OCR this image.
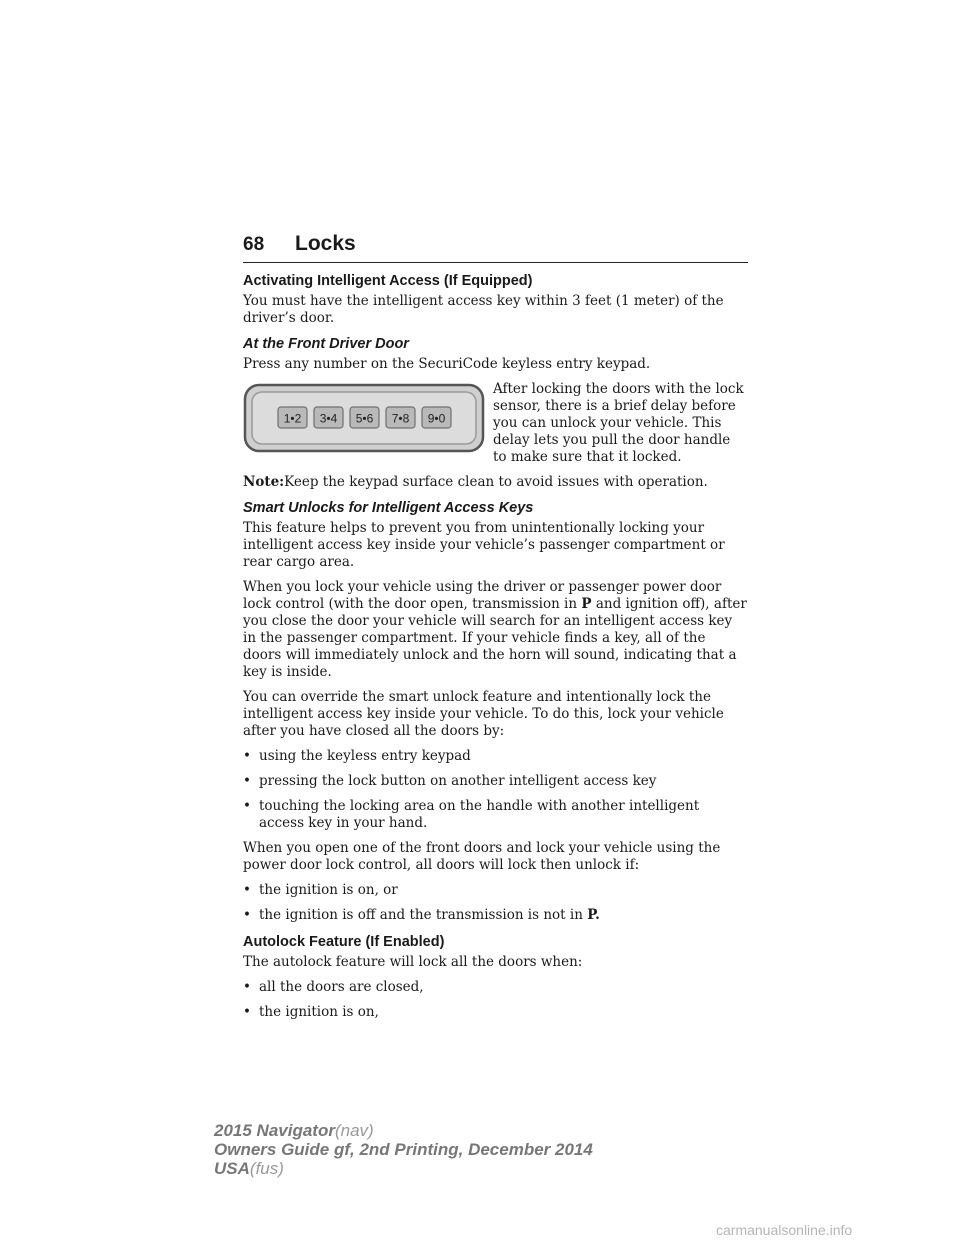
68	Locks
Activating Intelligent Access (If Equipped)

You must have the intelligent access key within 3 feet (1 meter) of the driver’s door.

At the Front Driver Door

Press any number on the SecuriCode keyless entry keypad.

1•2 3•4 5•6 7•8 9•0

After locking the doors with the lock sensor, there is a brief delay before you can unlock your vehicle. This delay lets you pull the door handle to make sure that it locked.

Note:Keep the keypad surface clean to avoid issues with operation.

Smart Unlocks for Intelligent Access Keys

This feature helps to prevent you from unintentionally locking your intelligent access key inside your vehicle’s passenger compartment or rear cargo area.

When you lock your vehicle using the driver or passenger power door lock control (with the door open, transmission in P and ignition off), after you close the door your vehicle will search for an intelligent access key in the passenger compartment. If your vehicle finds a key, all of the doors will immediately unlock and the horn will sound, indicating that a key is inside.

You can override the smart unlock feature and intentionally lock the intelligent access key inside your vehicle. To do this, lock your vehicle after you have closed all the doors by:

• using the keyless entry keypad
• pressing the lock button on another intelligent access key
• touching the locking area on the handle with another intelligent access key in your hand.

When you open one of the front doors and lock your vehicle using the power door lock control, all doors will lock then unlock if:

• the ignition is on, or
• the ignition is off and the transmission is not in P.
Autolock Feature (If Enabled)

The autolock feature will lock all the doors when:

• all the doors are closed,
• the ignition is on,
2015 Navigator(nav)
Owners Guide gf, 2nd Printing, December 2014
USA(fus)
carmanualsonline.info
